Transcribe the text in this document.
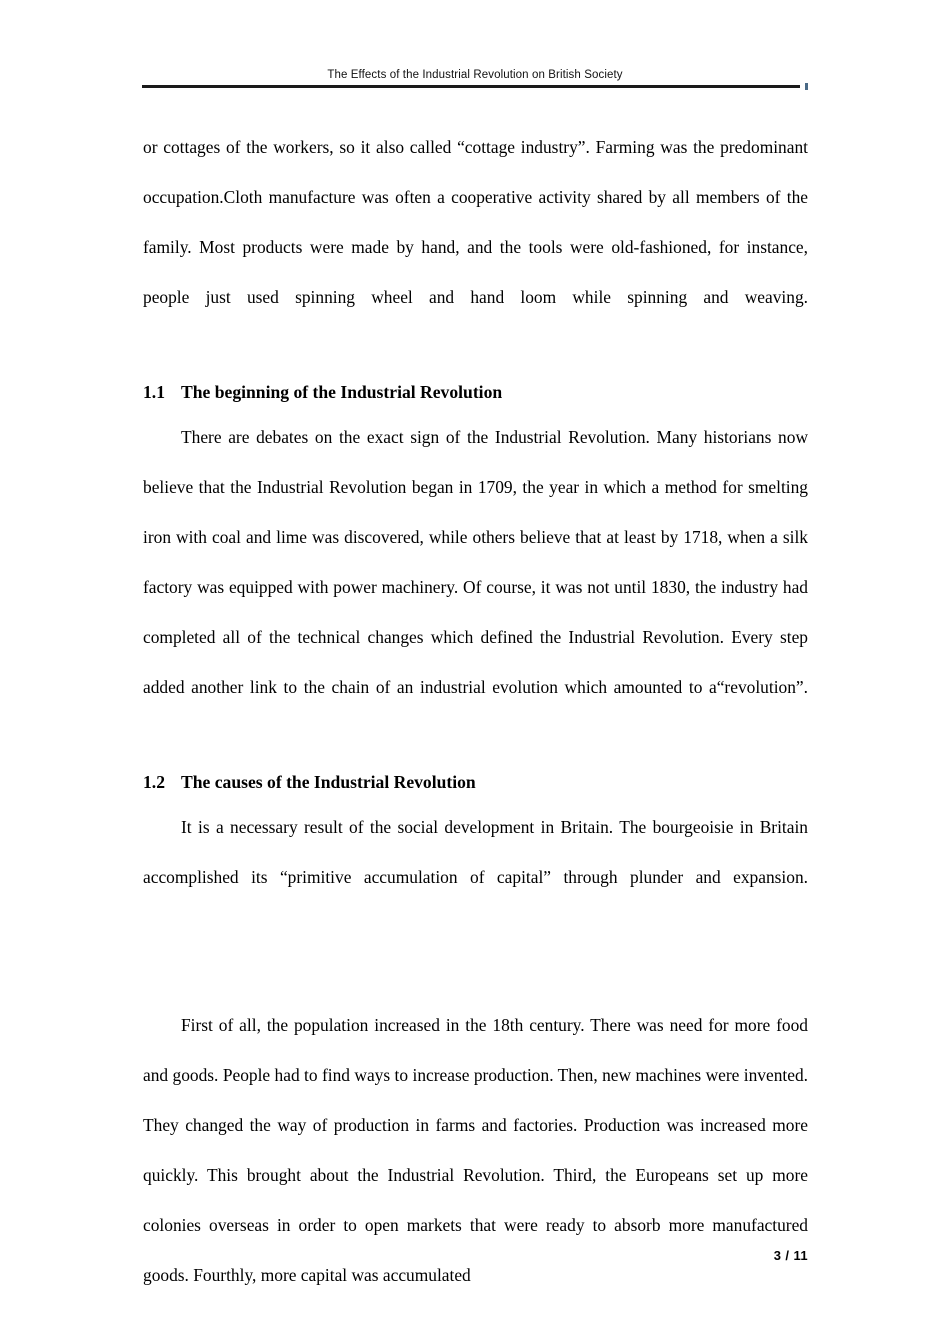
The Effects of the Industrial Revolution on British Society

or cottages of the workers, so it also called “cottage industry”. Farming was the predominant occupation.Cloth manufacture was often a cooperative activity shared by all members of the family. Most products were made by hand, and the tools were old-fashioned, for instance, people just used spinning wheel and hand loom while spinning and weaving.

1.1 The beginning of the Industrial Revolution

There are debates on the exact sign of the Industrial Revolution. Many historians now believe that the Industrial Revolution began in 1709, the year in which a method for smelting iron with coal and lime was discovered, while others believe that at least by 1718, when a silk factory was equipped with power machinery. Of course, it was not until 1830, the industry had completed all of the technical changes which defined the Industrial Revolution. Every step added another link to the chain of an industrial evolution which amounted to a“revolution”.

1.2 The causes of the Industrial Revolution

It is a necessary result of the social development in Britain. The bourgeoisie in Britain accomplished its “primitive accumulation of capital” through plunder and expansion.

First of all, the population increased in the 18th century. There was need for more food and goods. People had to find ways to increase production. Then, new machines were invented. They changed the way of production in farms and factories. Production was increased more quickly. This brought about the Industrial Revolution. Third, the Europeans set up more colonies overseas in order to open markets that were ready to absorb more manufactured goods. Fourthly, more capital was accumulated

3 / 11
